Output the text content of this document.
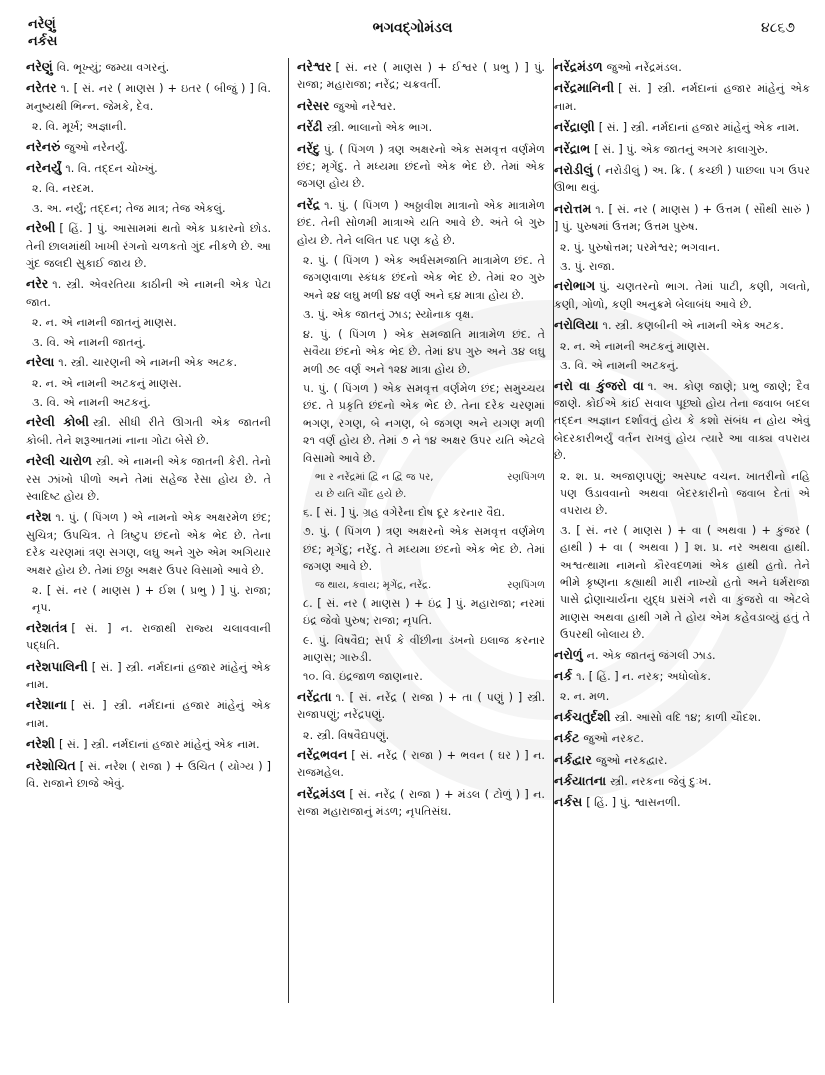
નરેણું
નર્કસ
ભગવદ્ગોમંડલ	૪૮૬૭

નરેણું વિ. ભૂખ્યું; જમ્યા વગરનું.

નરેતર ૧. [ સં. નર ( માણસ ) + ઇતર ( બીજું ) ] વિ. મનુષ્યથી ભિન્ન. જેમકે, દેવ.

૨. વિ. મૂર્ખ; અજ્ઞાની.

નરેનરું જુઓ નરેનર્યું.

નરેનર્યું ૧. વિ. તદ્દન ચોખ્ખું.

૨. વિ. નરદમ.

૩. અ. નર્યું; તદ્દન; તેજ માત્ર; તેજ એકલું.

નરેબી [ હિં. ] પું. આસામમાં થતો એક પ્રકારનો છોડ. તેની છાલમાંથી ખાખી રંગનો ચળકતો ગુંદ નીકળે છે. આ ગુંદ જલદી સુકાઈ જાય છે.

નરેર ૧. સ્ત્રી. એવરતિયા કાઠીની એ નામની એક પેટા જાત.

૨. ન. એ નામની જાતનું માણસ.

૩. વિ. એ નામની જાતનું.

નરેલા ૧. સ્ત્રી. ચારણની એ નામની એક અટક.

૨. ન. એ નામની અટકનું માણસ.

૩. વિ. એ નામની અટકનું.

નરેલી કોબી સ્ત્રી. સીધી રીતે ઊગતી એક જાતની કોબી. તેને શરૂઆતમાં નાના ગોટા બેસે છે.

નરેલી ચારોળ સ્ત્રી. એ નામની એક જાતની કેરી. તેનો રસ ઝાંખો પીળો અને તેમાં સહેજ રેસા હોય છે. તે સ્વાદિષ્ટ હોય છે.

નરેશ ૧. પું. ( પિંગળ ) એ નામનો એક અક્ષરમેળ છંદ; સુચિત્ર; ઉપચિત્ર. તે ત્રિષ્ટુપ છંદનો એક ભેદ છે. તેના દરેક ચરણમાં ત્રણ સગણ, લઘુ અને ગુરુ એમ અગિયાર અક્ષર હોય છે. તેમાં છઠ્ઠા અક્ષર ઉપર વિસામો આવે છે.

૨. [ સં. નર ( માણસ ) + ઈશ ( પ્રભુ ) ] પું. રાજા; નૃપ.

નરેશતંત્ર [ સં. ] ન. રાજાથી રાજ્ય ચલાવવાની પદ્ધતિ.

નરેશપાલિની [ સં. ] સ્ત્રી. નર્મદાનાં હજાર માંહેનું એક નામ.

નરેશાના [ સં. ] સ્ત્રી. નર્મદાનાં હજાર માંહેનું એક નામ.

નરેશી [ સં. ] સ્ત્રી. નર્મદાનાં હજાર માંહેનું એક નામ.

નરેશોચિત [ સં. નરેશ ( રાજા ) + ઉચિત ( યોગ્ય ) ] વિ. રાજાને છાજે એવું.

નરેશ્વર [ સં. નર ( માણસ ) + ઈશ્વર ( પ્રભુ ) ] પું. રાજા; મહારાજા; નરેંદ્ર; ચક્રવર્તી.

નરેસર જુઓ નરેશ્વર.

નરેંઢી સ્ત્રી. ભાલાનો એક ભાગ.

નરેંદુ પું. ( પિંગળ ) ત્રણ અક્ષરનો એક સમવૃત્ત વર્ણમેળ છંદ; મૃગેંદુ. તે મધ્યમા છંદનો એક ભેદ છે. તેમાં એક જગણ હોય છે.

નરેંદ્ર ૧. પું. ( પિંગળ ) અઠ્ઠાવીશ માત્રાનો એક માત્રામેળ છંદ. તેની સોળમી માત્રાએ યતિ આવે છે. અંતે બે ગુરુ હોય છે. તેને લલિત પદ પણ કહે છે.

૨. પું. ( પિંગળ ) એક અર્ધસમજાતિ માત્રામેળ છંદ. તે જગણવાળા સ્કંધક છંદનો એક ભેદ છે. તેમાં ૨૦ ગુરુ અને ૨૪ લઘુ મળી ૪૪ વર્ણ અને ૬૪ માત્રા હોય છે.

૩. પું. એક જાતનું ઝાડ; સ્યોનાક વૃક્ષ.

૪. પું. ( પિંગળ ) એક સમજાતિ માત્રામેળ છંદ. તે સવૈયા છંદનો એક ભેદ છે. તેમાં ૪૫ ગુરુ અને ૩૪ લઘુ મળી ૭૯ વર્ણ અને ૧૨૪ માત્રા હોય છે.

૫. પું. ( પિંગળ ) એક સમવૃત્ત વર્ણમેળ છંદ; સમુચ્ચય છંદ. તે પ્રકૃતિ છંદનો એક ભેદ છે. તેના દરેક ચરણમાં ભગણ, રગણ, બે નગણ, બે જગણ અને યગણ મળી ૨૧ વર્ણ હોય છે. તેમાં ૭ ને ૧૪ અક્ષર ઉપર યતિ એટલે વિસામો આવે છે.

રણપિંગળ
ભા ર નરેંદ્રમાં દ્વિ ન દ્વિ જ પર,
ય છે યતિ ચૌદ હયે છે.

૬. [ સં. ] પું. ગ્રહ વગેરેના દોષ દૂર કરનાર વૈદ્ય.

૭. પું. ( પિંગળ ) ત્રણ અક્ષરનો એક સમવૃત્ત વર્ણમેળ છંદ; મૃગેંદુ; નરેંદુ. તે મધ્યમા છંદનો એક ભેદ છે. તેમાં જગણ આવે છે.

રણપિંગળ
જ થાય, કવાય; મૃગેંદ્ર, નરેંદ્ર.

૮. [ સં. નર ( માણસ ) + ઇંદ્ર ] પું. મહારાજા; નરમાં ઇંદ્ર જેવો પુરુષ; રાજા; નૃપતિ.

૯. પું. વિષવૈદ્ય; સર્પ કે વીંછીના ડંખનો ઇલાજ કરનાર માણસ; ગારુડી.

૧૦. વિ. ઇંદ્રજાળ જાણનાર.

નરેંદ્રતા ૧. [ સં. નરેંદ્ર ( રાજા ) + તા ( પણું ) ] સ્ત્રી. રાજાપણું; નરેંદ્રપણું.

૨. સ્ત્રી. વિષવૈદ્યપણું.

નરેંદ્રભવન [ સં. નરેંદ્ર ( રાજા ) + ભવન ( ઘર ) ] ન. રાજમહેલ.

નરેંદ્રમંડલ [ સં. નરેંદ્ર ( રાજા ) + મંડલ ( ટોળું ) ] ન. રાજા મહારાજાનું મંડળ; નૃપતિસંઘ.

નરેંદ્રમંડળ જુઓ નરેંદ્રમંડલ.

નરેંદ્રમાનિની [ સં. ] સ્ત્રી. નર્મદાનાં હજાર માંહેનું એક નામ.

નરેંદ્રાણી [ સં. ] સ્ત્રી. નર્મદાનાં હજાર માંહેનું એક નામ.

નરેંદ્રાભ [ સં. ] પું. એક જાતનું અગર કાલાગુરુ.

નરોડીલું ( નરોડીલું ) અ. ક્રિ. ( કચ્છી ) પાછલા પગ ઉપર ઊભા થવું.

નરોત્તમ ૧. [ સં. નર ( માણસ ) + ઉત્તમ ( સૌથી સારું ) ] પું. પુરુષમાં ઉત્તમ; ઉત્તમ પુરુષ.

૨. પું. પુરુષોત્તમ; પરમેશ્વર; ભગવાન.

૩. પું. રાજા.

નરોભાગ પું. ચણતરનો ભાગ. તેમાં પાટી, કણી, ગલતો, કણી, ગોળો, કણી અનુક્રમે બેલાબંધ આવે છે.

નરોલિયા ૧. સ્ત્રી. કણબીની એ નામની એક અટક.

૨. ન. એ નામની અટકનું માણસ.

૩. વિ. એ નામની અટકનું.

નરો વા કુંજરો વા ૧. અ. કોણ જાણે; પ્રભુ જાણે; દૈવ જાણે. કોઈએ કાંઈ સવાલ પૂછ્યો હોય તેના જવાબ બદલ તદ્દન અજ્ઞાન દર્શાવતું હોય કે કશો સંબંધ ન હોય એવું બેદરકારીભર્યું વર્તન રાખવું હોય ત્યારે આ વાક્ય વપરાય છે.

૨. શ. પ્ર. અજાણપણું; અસ્પષ્ટ વચન. ખાતરીનો નહિ પણ ઉડાવવાનો અથવા બેદરકારીનો જવાબ દેતાં એ વપરાય છે.

૩. [ સં. નર ( માણસ ) + વા ( અથવા ) + કુંજર ( હાથી ) + વા ( અથવા ) ] શ. પ્ર. નર અથવા હાથી. અશ્વત્થામા નામનો કૌરવદળમાં એક હાથી હતો. તેને ભીમે કૃષ્ણના કહ્યાથી મારી નાખ્યો હતો અને ધર્મરાજા પાસે દ્રોણાચાર્યના યુદ્ધ પ્રસંગે નરો વા કુંજરો વા એટલે માણસ અથવા હાથી ગમે તે હોય એમ કહેવડાવ્યું હતું તે ઉપરથી બોલાય છે.

નરોળું ન. એક જાતનું જંગલી ઝાડ.

નર્ક ૧. [ હિં. ] ન. નરક; અધોલોક.

૨. ન. મળ.

નર્કચતુર્દશી સ્ત્રી. આસો વદિ ૧૪; કાળી ચૌદશ.

નર્કટ જુઓ નરકટ.

નર્કદ્વાર જુઓ નરકદ્વાર.

નર્કયાતના સ્ત્રી. નરકના જેવું દુઃખ.

નર્કસ [ હિં. ] પું. શ્વાસનળી.
